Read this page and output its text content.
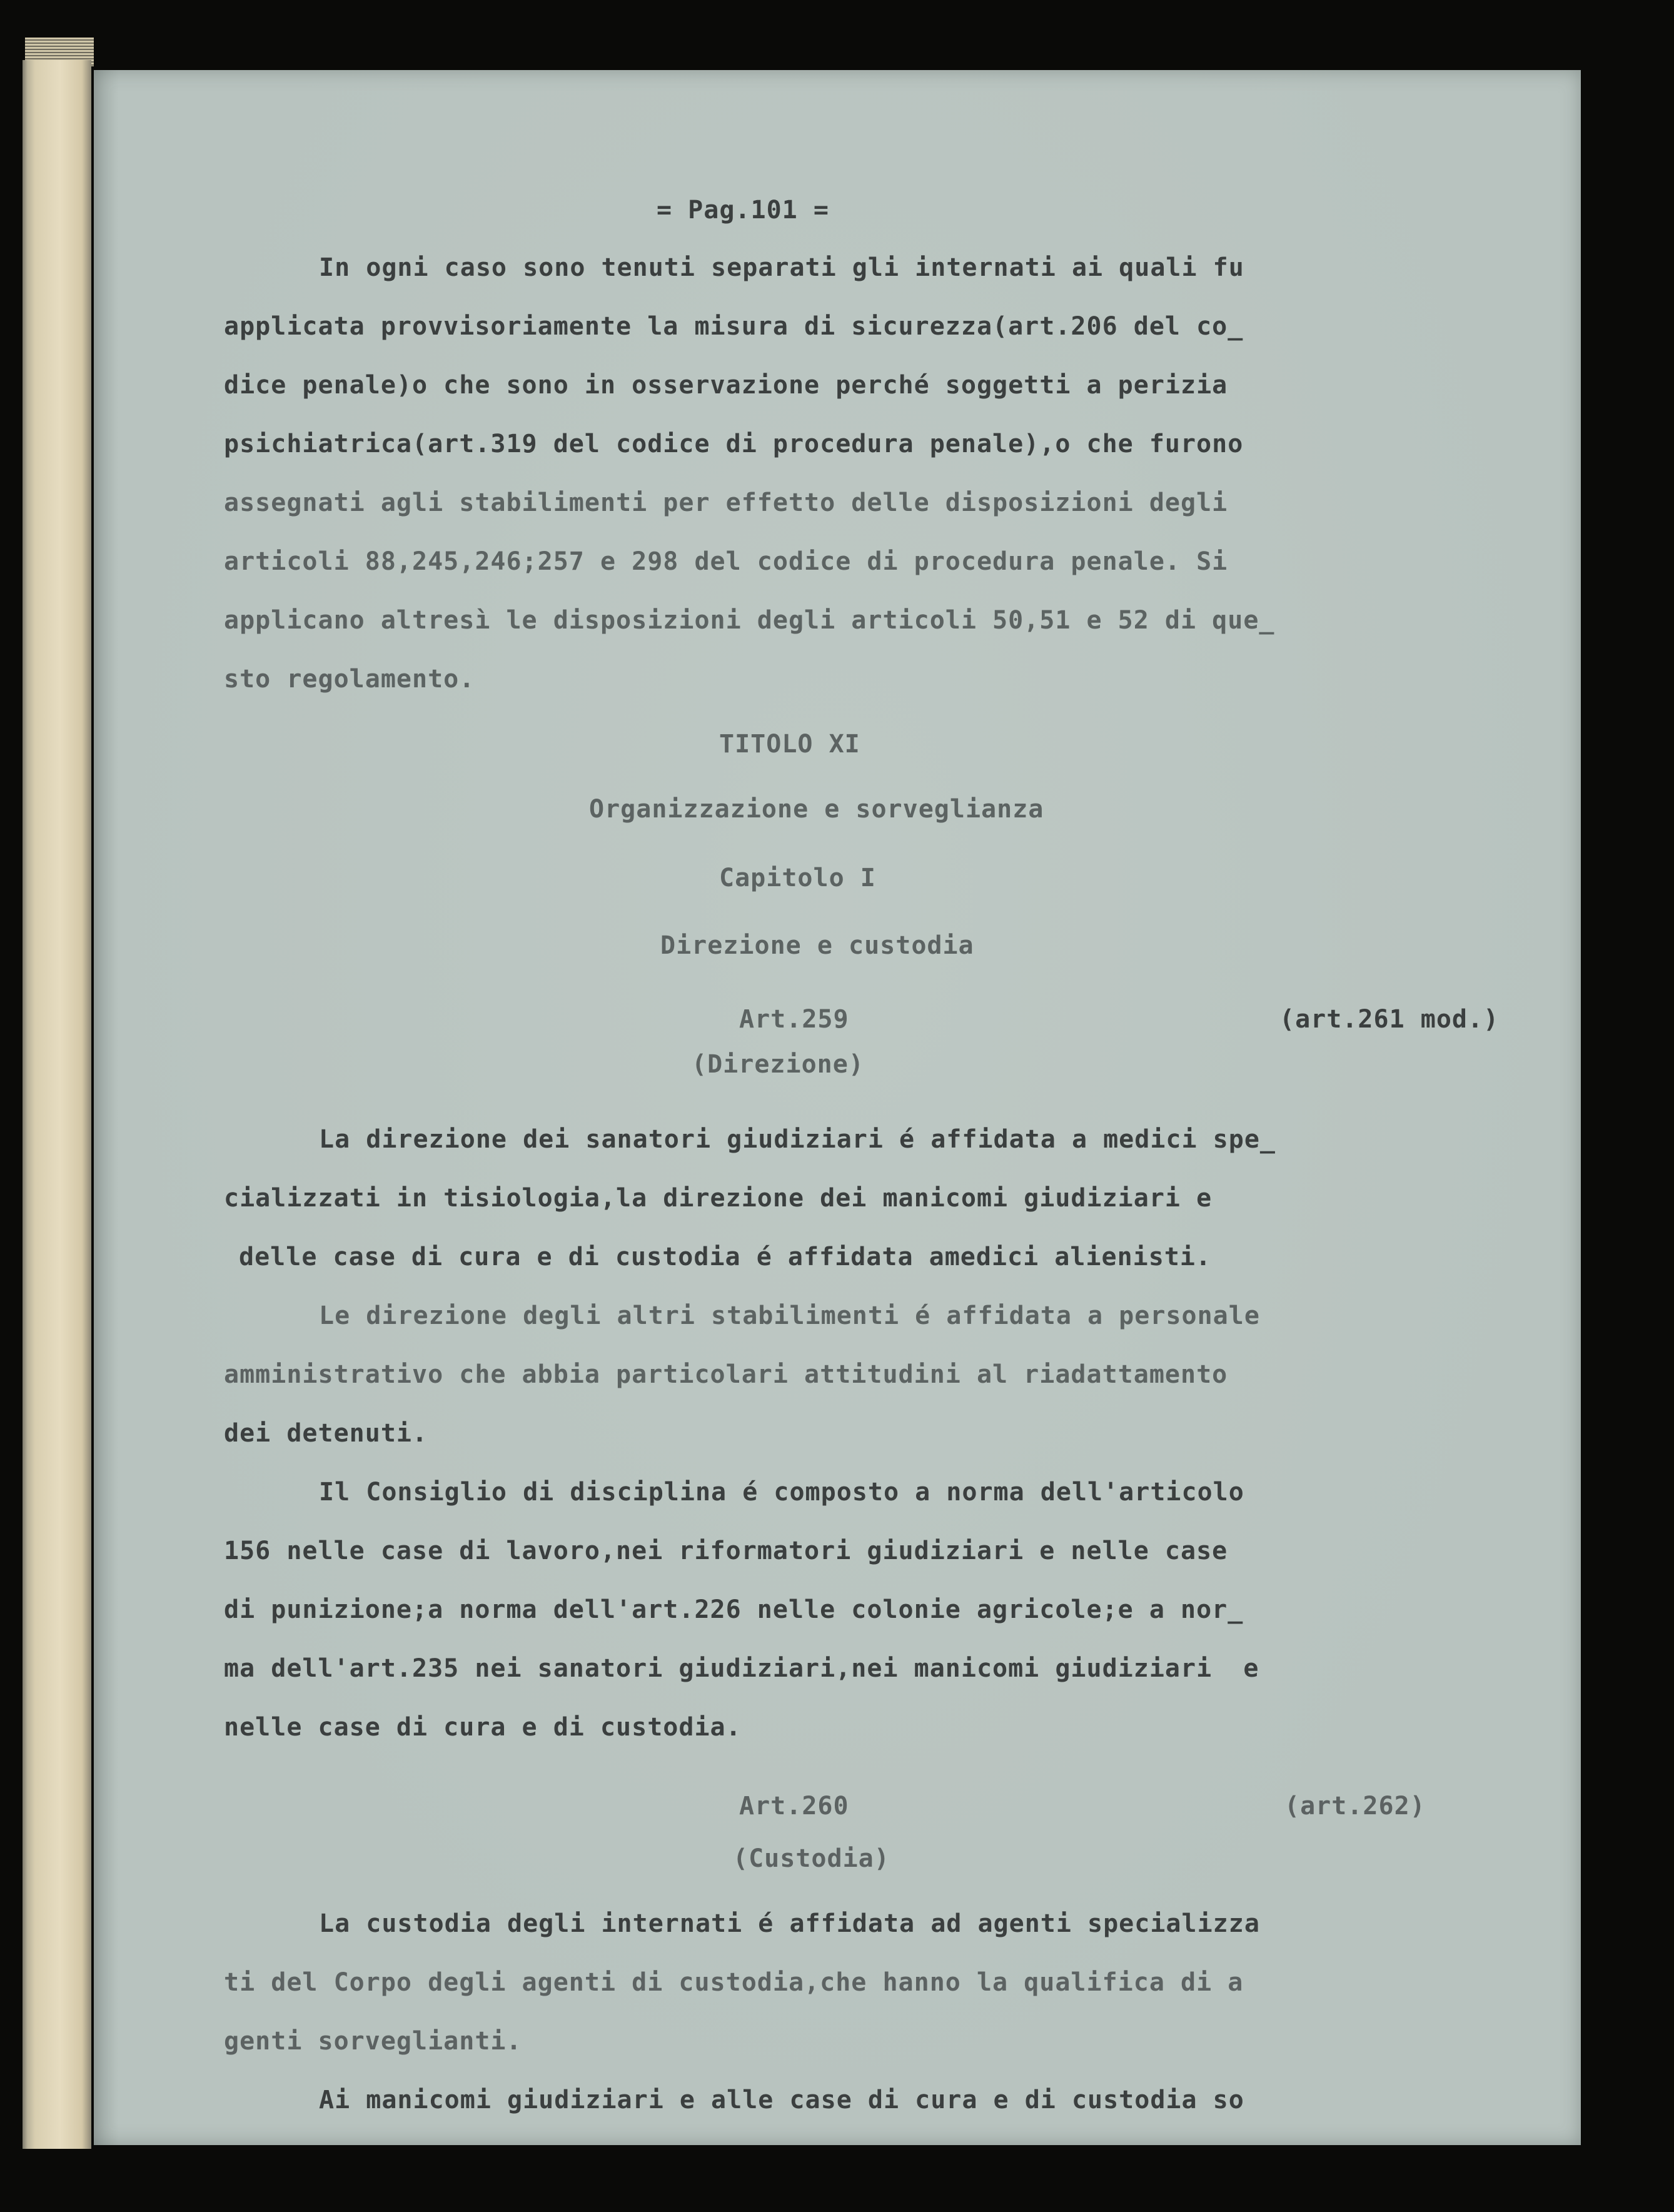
= Pag.101 =
In ogni caso sono tenuti separati gli internati ai quali fu
applicata provvisoriamente la misura di sicurezza(art.206 del co_
dice penale)o che sono in osservazione perché soggetti a perizia
psichiatrica(art.319 del codice di procedura penale),o che furono
assegnati agli stabilimenti per effetto delle disposizioni degli
articoli 88,245,246;257 e 298 del codice di procedura penale. Si
applicano altresì le disposizioni degli articoli 50,51 e 52 di que_
sto regolamento.
TITOLO XI
Organizzazione e sorveglianza
Capitolo I
Direzione e custodia
Art.259	(art.261 mod.)
(Direzione)
La direzione dei sanatori giudiziari é affidata a medici spe_
cializzati in tisiologia,la direzione dei manicomi giudiziari e
delle case di cura e di custodia é affidata amedici alienisti.
Le direzione degli altri stabilimenti é affidata a personale
amministrativo che abbia particolari attitudini al riadattamento
dei detenuti.
Il Consiglio di disciplina é composto a norma dell'articolo
156 nelle case di lavoro,nei riformatori giudiziari e nelle case
di punizione;a norma dell'art.226 nelle colonie agricole;e a nor_
ma dell'art.235 nei sanatori giudiziari,nei manicomi giudiziari  e
nelle case di cura e di custodia.
Art.260	(art.262)
(Custodia)
La custodia degli internati é affidata ad agenti specializza
ti del Corpo degli agenti di custodia,che hanno la qualifica di a
genti sorveglianti.
Ai manicomi giudiziari e alle case di cura e di custodia so
